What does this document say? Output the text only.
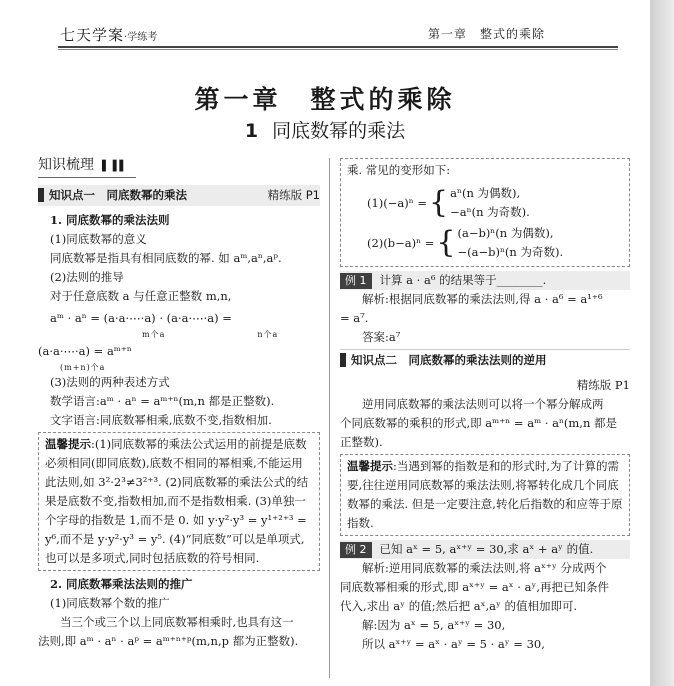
七天学案·学练考	第一章　整式的乘除
第一章　整式的乘除
1 同底数幂的乘法
知识梳理 ▌▐▐
知识点一　同底数幂的乘法	精练版 P1

1. 同底数幂的乘法法则

(1)同底数幂的意义

同底数幂是指具有相同底数的幂. 如 aᵐ,aⁿ,aᵖ.

(2)法则的推导

对于任意底数 a 与任意正整数 m,n,

aᵐ · aⁿ = (a·a·⋯·a) · (a·a·⋯·a) =

m个a	n个a

(a·a·⋯·a) = aᵐ⁺ⁿ

(m+n)个a

(3)法则的两种表述方式

数学语言:aᵐ · aⁿ = aᵐ⁺ⁿ(m,n 都是正整数).

文字语言:同底数幂相乘,底数不变,指数相加.

温馨提示:(1)同底数幂的乘法公式运用的前提是底数必须相同(即同底数),底数不相同的幂相乘,不能运用此法则,如 3²·2³≠3²⁺³. (2)同底数幂的乘法公式的结果是底数不变,指数相加,而不是指数相乘. (3)单独一个字母的指数是 1,而不是 0. 如 y·y²·y³ = y¹⁺²⁺³ = y⁶,而不是 y·y²·y³ = y⁵. (4)“同底数”可以是单项式,也可以是多项式,同时包括底数的符号相同.

2. 同底数幂乘法法则的推广

(1)同底数幂个数的推广

当三个或三个以上同底数幂相乘时,也具有这一

法则,即 aᵐ · aⁿ · aᵖ = aᵐ⁺ⁿ⁺ᵖ(m,n,p 都为正整数).

乘. 常见的变形如下:

(1)(−a)ⁿ = { aⁿ(n 为偶数),

−aⁿ(n 为奇数).

(2)(b−a)ⁿ = { (a−b)ⁿ(n 为偶数),

−(a−b)ⁿ(n 为奇数).

例 1 计算 a · a⁶ 的结果等于________.

解析:根据同底数幂的乘法法则,得 a · a⁶ = a¹⁺⁶

= a⁷.

答案:a⁷

知识点二　同底数幂的乘法法则的逆用

精练版 P1

逆用同底数幂的乘法法则可以将一个幂分解成两

个同底数幂的乘积的形式,即 aᵐ⁺ⁿ = aᵐ · aⁿ(m,n 都是

正整数).

温馨提示:当遇到幂的指数是和的形式时,为了计算的需要,往往逆用同底数幂的乘法法则,将幂转化成几个同底数幂的乘法. 但是一定要注意,转化后指数的和应等于原指数.

例 2 已知 aˣ = 5, aˣ⁺ʸ = 30,求 aˣ + aʸ 的值.

解析:逆用同底数幂的乘法法则,将 aˣ⁺ʸ 分成两个

同底数幂相乘的形式,即 aˣ⁺ʸ = aˣ · aʸ,再把已知条件

代入,求出 aʸ 的值;然后把 aˣ,aʸ 的值相加即可.

解:因为 aˣ = 5, aˣ⁺ʸ = 30,

所以 aˣ⁺ʸ = aˣ · aʸ = 5 · aʸ = 30,
